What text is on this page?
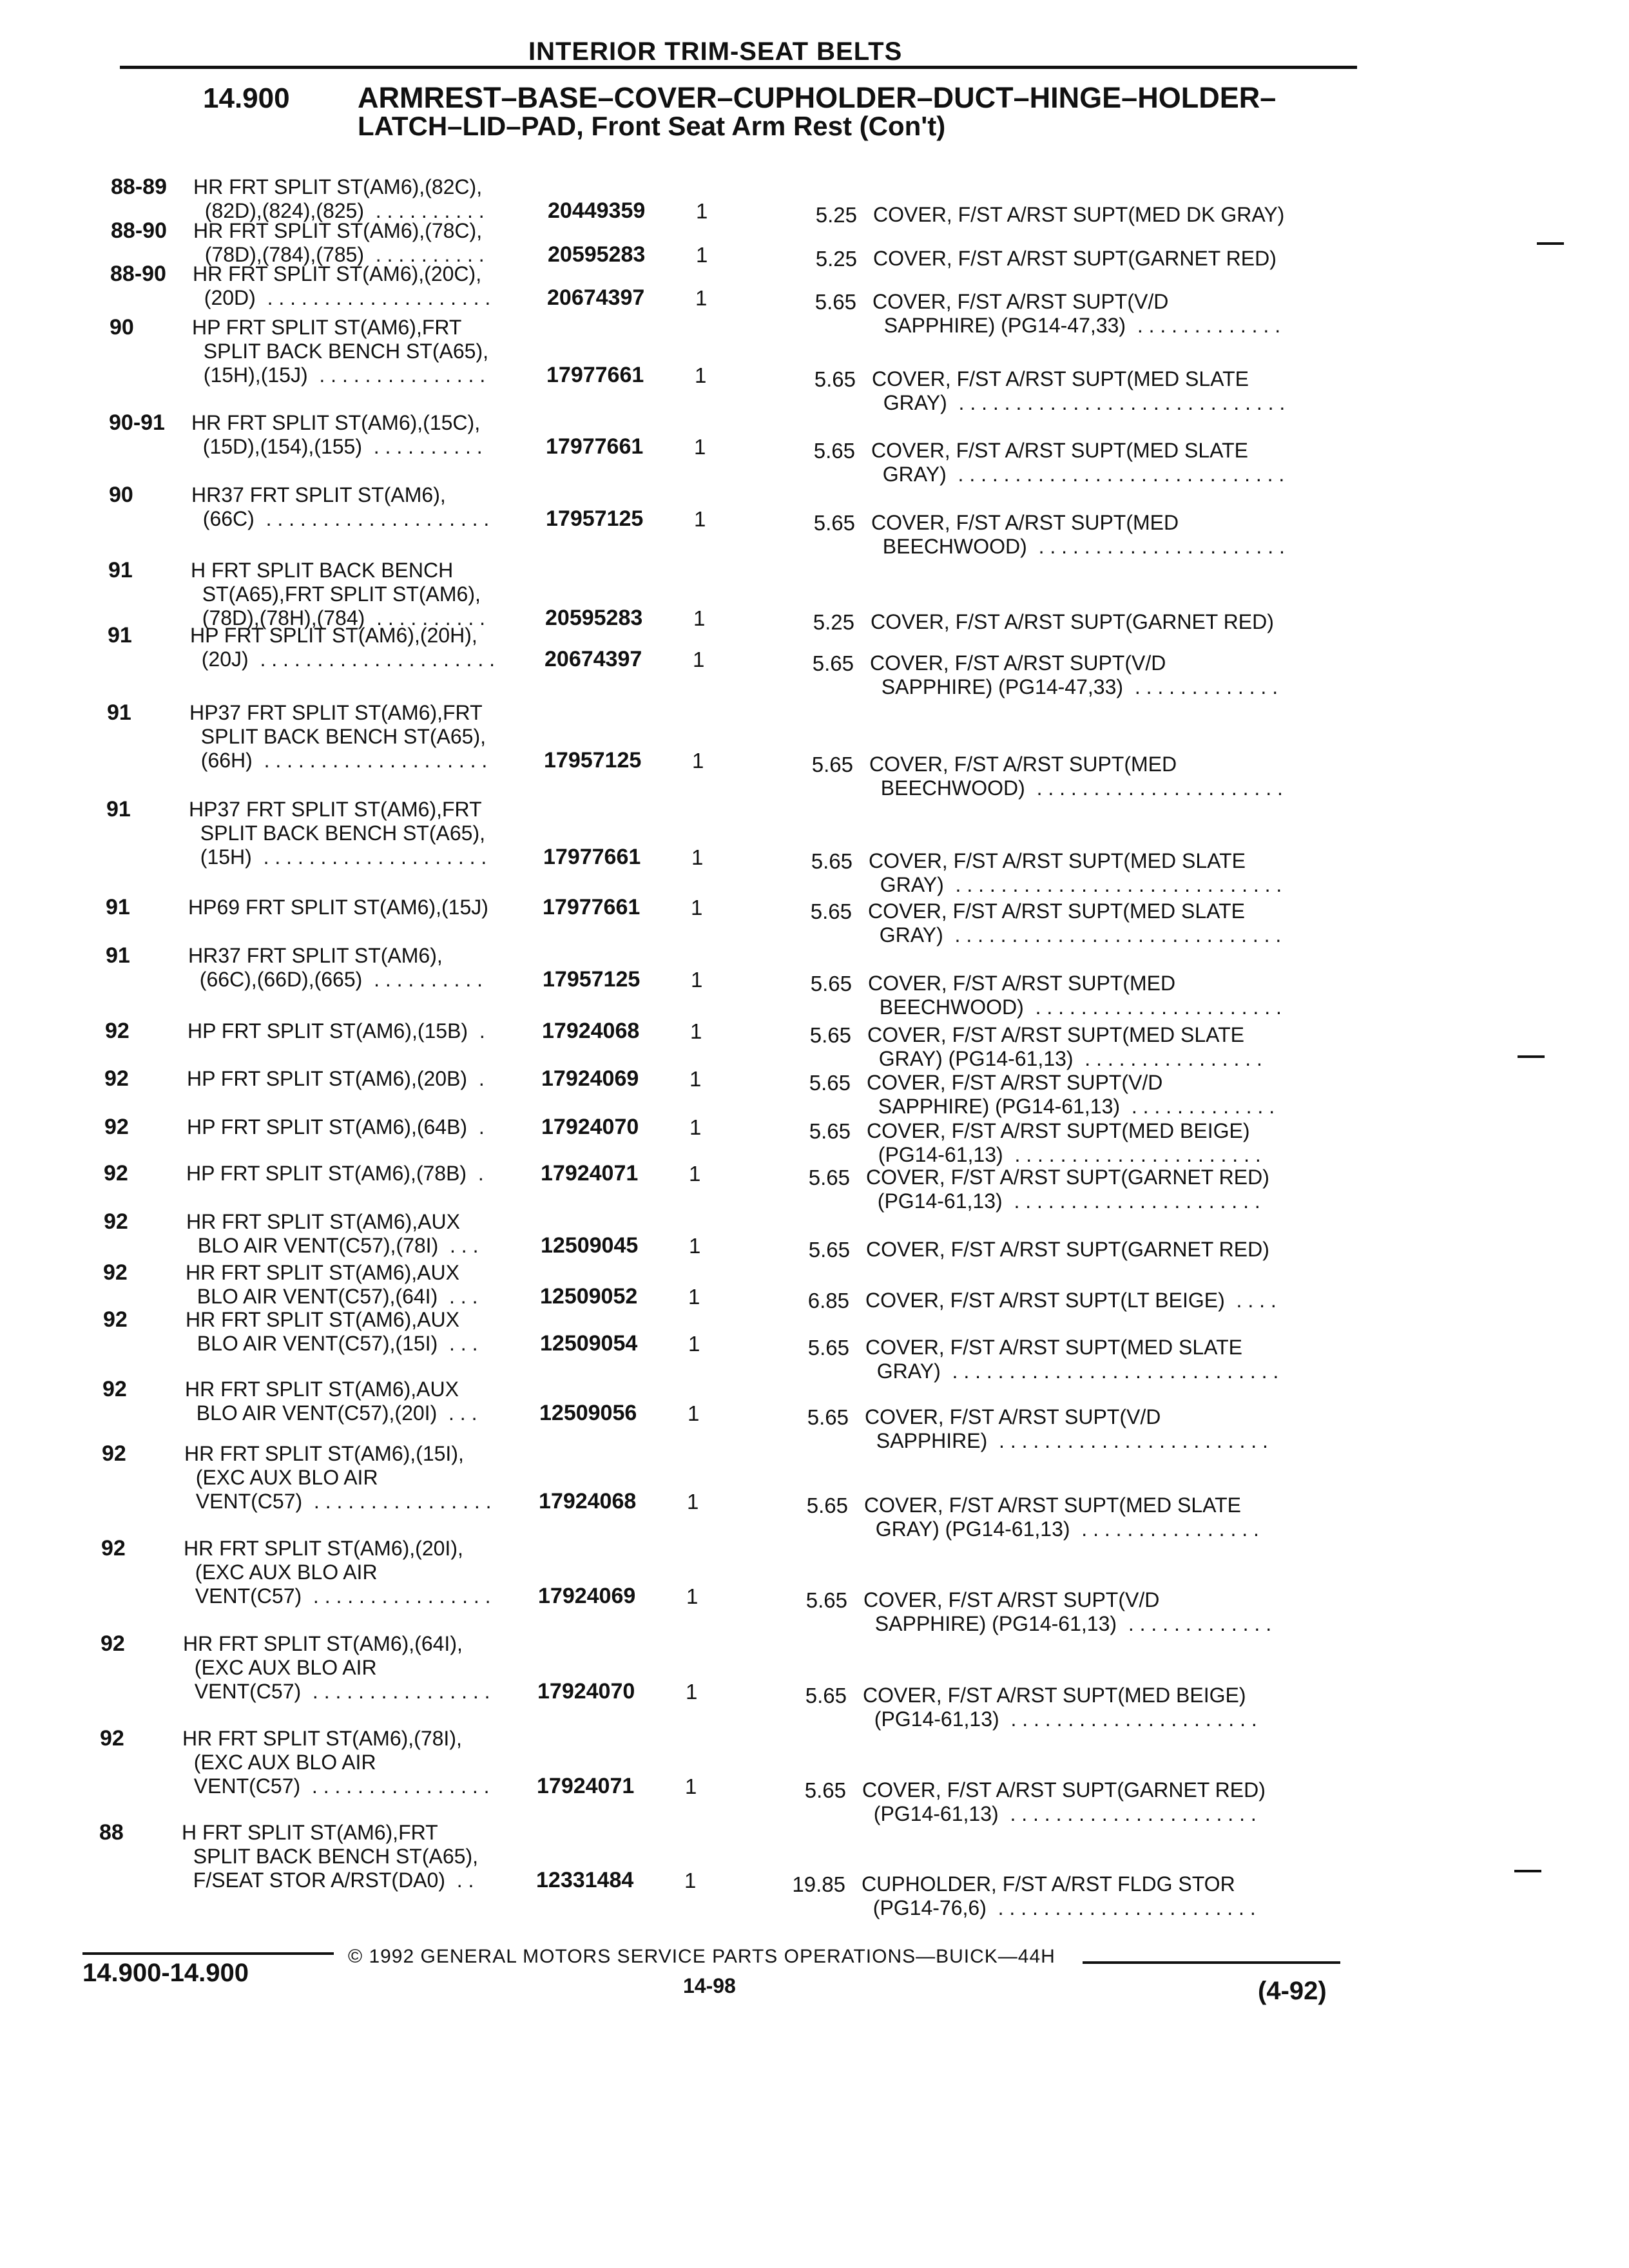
INTERIOR TRIM-SEAT BELTS
14.900 ARMREST–BASE–COVER–CUPHOLDER–DUCT–HINGE–HOLDER–
LATCH–LID–PAD, Front Seat Arm Rest (Con't)
88-89 HR FRT SPLIT ST(AM6),(82C),
(82D),(824),(825)  . . . . . . . . . .	20449359 1	5.25 COVER, F/ST A/RST SUPT(MED DK GRAY)
88-90 HR FRT SPLIT ST(AM6),(78C),
(78D),(784),(785)  . . . . . . . . . .	20595283 1	5.25 COVER, F/ST A/RST SUPT(GARNET RED)
88-90 HR FRT SPLIT ST(AM6),(20C),
(20D)  . . . . . . . . . . . . . . . . . . . .	20674397 1	5.65 COVER, F/ST A/RST SUPT(V/D
SAPPHIRE) (PG14-47,33)  . . . . . . . . . . . . .
90	HP FRT SPLIT ST(AM6),FRT
SPLIT BACK BENCH ST(A65),
(15H),(15J)  . . . . . . . . . . . . . . .	17977661 1	5.65 COVER, F/ST A/RST SUPT(MED SLATE
GRAY)  . . . . . . . . . . . . . . . . . . . . . . . . . . . . .
90-91 HR FRT SPLIT ST(AM6),(15C),
(15D),(154),(155)  . . . . . . . . . .	17977661 1	5.65 COVER, F/ST A/RST SUPT(MED SLATE
GRAY)  . . . . . . . . . . . . . . . . . . . . . . . . . . . . .
90	HR37 FRT SPLIT ST(AM6),
(66C)  . . . . . . . . . . . . . . . . . . . .	17957125 1	5.65 COVER, F/ST A/RST SUPT(MED
BEECHWOOD)  . . . . . . . . . . . . . . . . . . . . . .
91	H FRT SPLIT BACK BENCH
ST(A65),FRT SPLIT ST(AM6),
(78D),(78H),(784)  . . . . . . . . . .	20595283 1	5.25 COVER, F/ST A/RST SUPT(GARNET RED)
91	HP FRT SPLIT ST(AM6),(20H),
(20J)  . . . . . . . . . . . . . . . . . . . . . 20674397 1	5.65 COVER, F/ST A/RST SUPT(V/D
SAPPHIRE) (PG14-47,33)  . . . . . . . . . . . . .
91	HP37 FRT SPLIT ST(AM6),FRT
SPLIT BACK BENCH ST(A65),
(66H)  . . . . . . . . . . . . . . . . . . . .	17957125 1	5.65 COVER, F/ST A/RST SUPT(MED
BEECHWOOD)  . . . . . . . . . . . . . . . . . . . . . .
91	HP37 FRT SPLIT ST(AM6),FRT
SPLIT BACK BENCH ST(A65),
(15H)  . . . . . . . . . . . . . . . . . . . .	17977661 1	5.65 COVER, F/ST A/RST SUPT(MED SLATE
GRAY)  . . . . . . . . . . . . . . . . . . . . . . . . . . . . .
91	HP69 FRT SPLIT ST(AM6),(15J) 17977661 1	5.65 COVER, F/ST A/RST SUPT(MED SLATE
GRAY)  . . . . . . . . . . . . . . . . . . . . . . . . . . . . .
91	HR37 FRT SPLIT ST(AM6),
(66C),(66D),(665)  . . . . . . . . . .	17957125 1	5.65 COVER, F/ST A/RST SUPT(MED
BEECHWOOD)  . . . . . . . . . . . . . . . . . . . . . .
92	HP FRT SPLIT ST(AM6),(15B)  .	17924068 1	5.65 COVER, F/ST A/RST SUPT(MED SLATE
GRAY) (PG14-61,13)  . . . . . . . . . . . . . . . .
92	HP FRT SPLIT ST(AM6),(20B)  .	17924069 1	5.65 COVER, F/ST A/RST SUPT(V/D
SAPPHIRE) (PG14-61,13)  . . . . . . . . . . . . .
92	HP FRT SPLIT ST(AM6),(64B)  .	17924070 1	5.65 COVER, F/ST A/RST SUPT(MED BEIGE)
(PG14-61,13)  . . . . . . . . . . . . . . . . . . . . . .
92	HP FRT SPLIT ST(AM6),(78B)  .	17924071 1	5.65 COVER, F/ST A/RST SUPT(GARNET RED)
(PG14-61,13)  . . . . . . . . . . . . . . . . . . . . . .
92	HR FRT SPLIT ST(AM6),AUX
BLO AIR VENT(C57),(78I)  . . .	12509045 1	5.65 COVER, F/ST A/RST SUPT(GARNET RED)
92	HR FRT SPLIT ST(AM6),AUX
BLO AIR VENT(C57),(64I)  . . .	12509052 1	6.85 COVER, F/ST A/RST SUPT(LT BEIGE)  . . . .
92	HR FRT SPLIT ST(AM6),AUX
BLO AIR VENT(C57),(15I)  . . .	12509054 1	5.65 COVER, F/ST A/RST SUPT(MED SLATE
GRAY)  . . . . . . . . . . . . . . . . . . . . . . . . . . . . .
92	HR FRT SPLIT ST(AM6),AUX
BLO AIR VENT(C57),(20I)  . . .	12509056 1	5.65 COVER, F/ST A/RST SUPT(V/D
SAPPHIRE)  . . . . . . . . . . . . . . . . . . . . . . . .
92	HR FRT SPLIT ST(AM6),(15I),
(EXC AUX BLO AIR
VENT(C57)  . . . . . . . . . . . . . . . . 17924068 1	5.65 COVER, F/ST A/RST SUPT(MED SLATE
GRAY) (PG14-61,13)  . . . . . . . . . . . . . . . .
92	HR FRT SPLIT ST(AM6),(20I),
(EXC AUX BLO AIR
VENT(C57)  . . . . . . . . . . . . . . . . 17924069 1	5.65 COVER, F/ST A/RST SUPT(V/D
SAPPHIRE) (PG14-61,13)  . . . . . . . . . . . . .
92	HR FRT SPLIT ST(AM6),(64I),
(EXC AUX BLO AIR
VENT(C57)  . . . . . . . . . . . . . . . . 17924070 1	5.65 COVER, F/ST A/RST SUPT(MED BEIGE)
(PG14-61,13)  . . . . . . . . . . . . . . . . . . . . . .
92	HR FRT SPLIT ST(AM6),(78I),
(EXC AUX BLO AIR
VENT(C57)  . . . . . . . . . . . . . . . . 17924071 1	5.65 COVER, F/ST A/RST SUPT(GARNET RED)
(PG14-61,13)  . . . . . . . . . . . . . . . . . . . . . .
88	H FRT SPLIT ST(AM6),FRT
SPLIT BACK BENCH ST(A65),
F/SEAT STOR A/RST(DA0)  . .	12331484 1	19.85 CUPHOLDER, F/ST A/RST FLDG STOR
(PG14-76,6)  . . . . . . . . . . . . . . . . . . . . . . .
14.900-14.900
© 1992 GENERAL MOTORS SERVICE PARTS OPERATIONS—BUICK—44H
14-98	(4-92)
